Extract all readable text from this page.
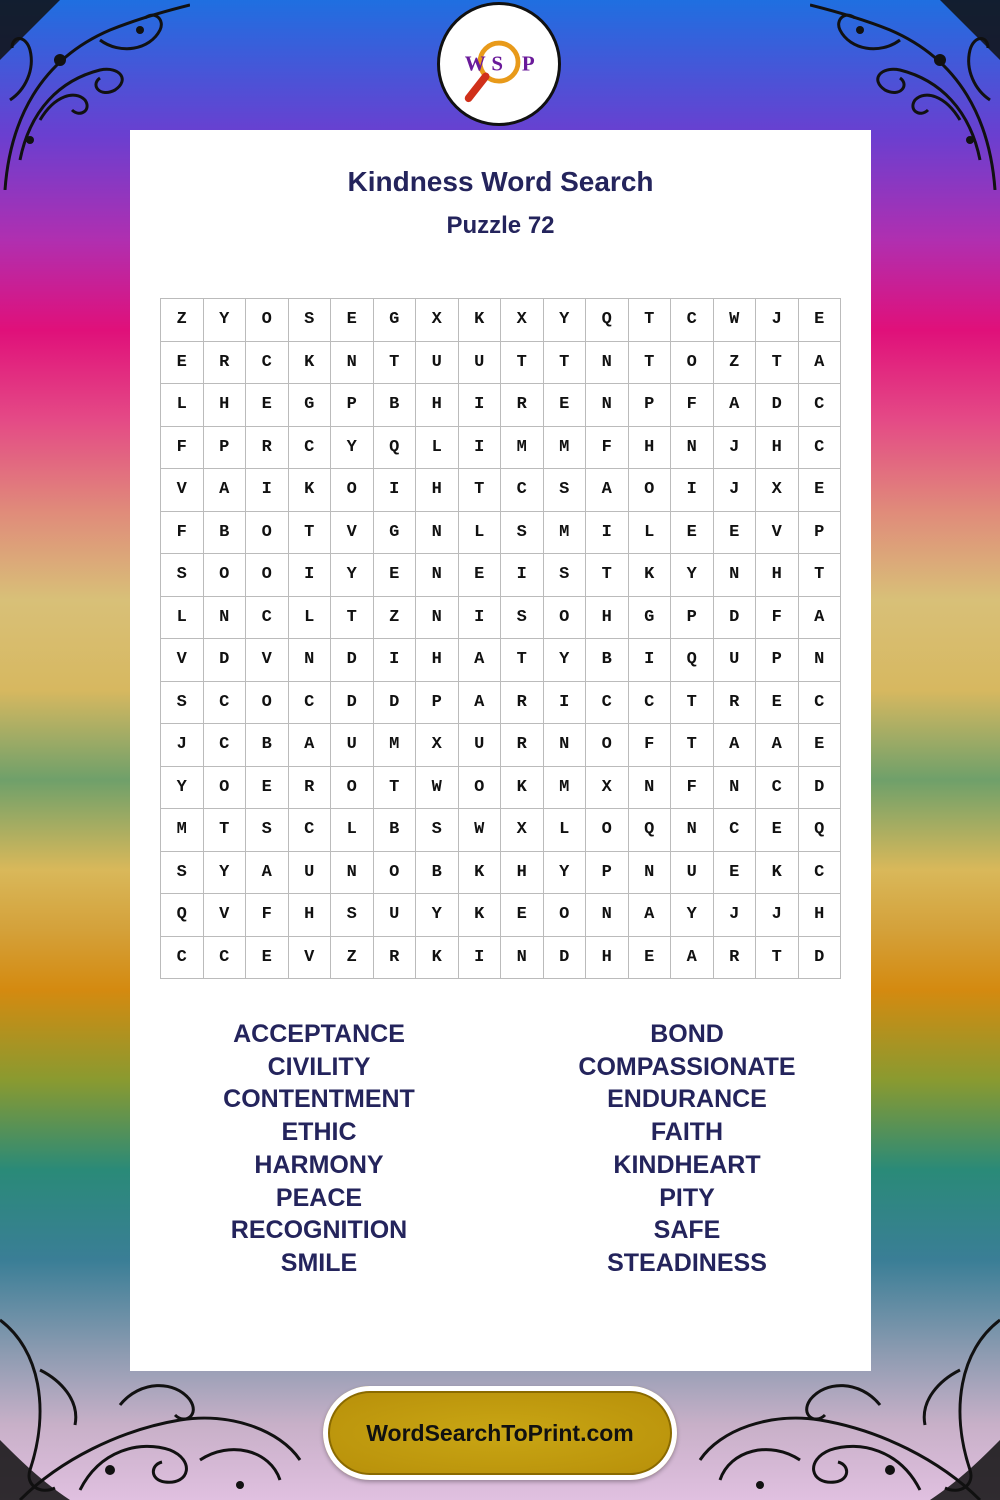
W S P
Kindness Word Search
Puzzle 72
Z	Y	O	S	E	G	X	K	X	Y	Q	T	C	W	J	E
E	R	C	K	N	T	U	U	T	T	N	T	O	Z	T	A
L	H	E	G	P	B	H	I	R	E	N	P	F	A	D	C
F	P	R	C	Y	Q	L	I	M	M	F	H	N	J	H	C
V	A	I	K	O	I	H	T	C	S	A	O	I	J	X	E
F	B	O	T	V	G	N	L	S	M	I	L	E	E	V	P
S	O	O	I	Y	E	N	E	I	S	T	K	Y	N	H	T
L	N	C	L	T	Z	N	I	S	O	H	G	P	D	F	A
V	D	V	N	D	I	H	A	T	Y	B	I	Q	U	P	N
S	C	O	C	D	D	P	A	R	I	C	C	T	R	E	C
J	C	B	A	U	M	X	U	R	N	O	F	T	A	A	E
Y	O	E	R	O	T	W	O	K	M	X	N	F	N	C	D
M	T	S	C	L	B	S	W	X	L	O	Q	N	C	E	Q
S	Y	A	U	N	O	B	K	H	Y	P	N	U	E	K	C
Q	V	F	H	S	U	Y	K	E	O	N	A	Y	J	J	H
C	C	E	V	Z	R	K	I	N	D	H	E	A	R	T	D
ACCEPTANCE
CIVILITY
CONTENTMENT
ETHIC
HARMONY
PEACE
RECOGNITION
SMILE
BOND
COMPASSIONATE
ENDURANCE
FAITH
KINDHEART
PITY
SAFE
STEADINESS
WordSearchToPrint.com
